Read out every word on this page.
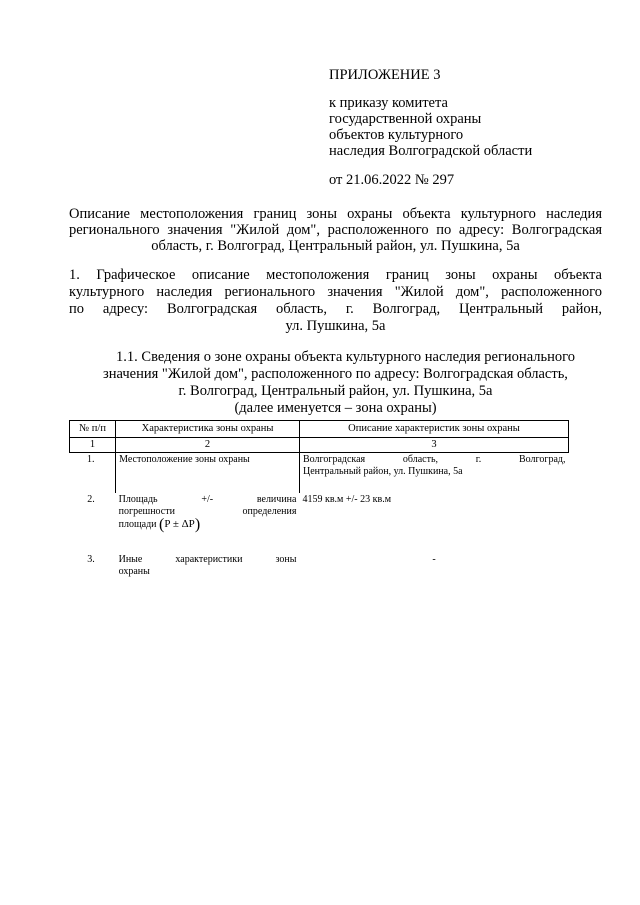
ПРИЛОЖЕНИЕ 3
к приказу комитета
государственной охраны
объектов культурного
наследия Волгоградской области
от 21.06.2022 № 297
Описание местоположения границ зоны охраны объекта культурного наследия
регионального значения "Жилой дом", расположенного по адресу: Волгоградская
область, г. Волгоград, Центральный район, ул. Пушкина, 5а
1. Графическое описание местоположения границ зоны охраны объекта
культурного наследия регионального значения "Жилой дом", расположенного
по адресу: Волгоградская область, г. Волгоград, Центральный район,
ул. Пушкина, 5а
1.1. Сведения о зоне охраны объекта культурного наследия регионального
значения "Жилой дом", расположенного по адресу: Волгоградская область,
г. Волгоград, Центральный район, ул. Пушкина, 5а
(далее именуется – зона охраны)
№ п/п	Характеристика зоны охраны	Описание характеристик зоны охраны
1	2	3
1.	Местоположение зоны охраны	Волгоградская область, г. Волгоград,
Центральный район, ул. Пушкина, 5а

2.	Площадь +/- величина
погрешности определения
площади (P ± ΔP)	4159 кв.м +/- 23 кв.м
3.	Иные характеристики зоны
охраны	-
